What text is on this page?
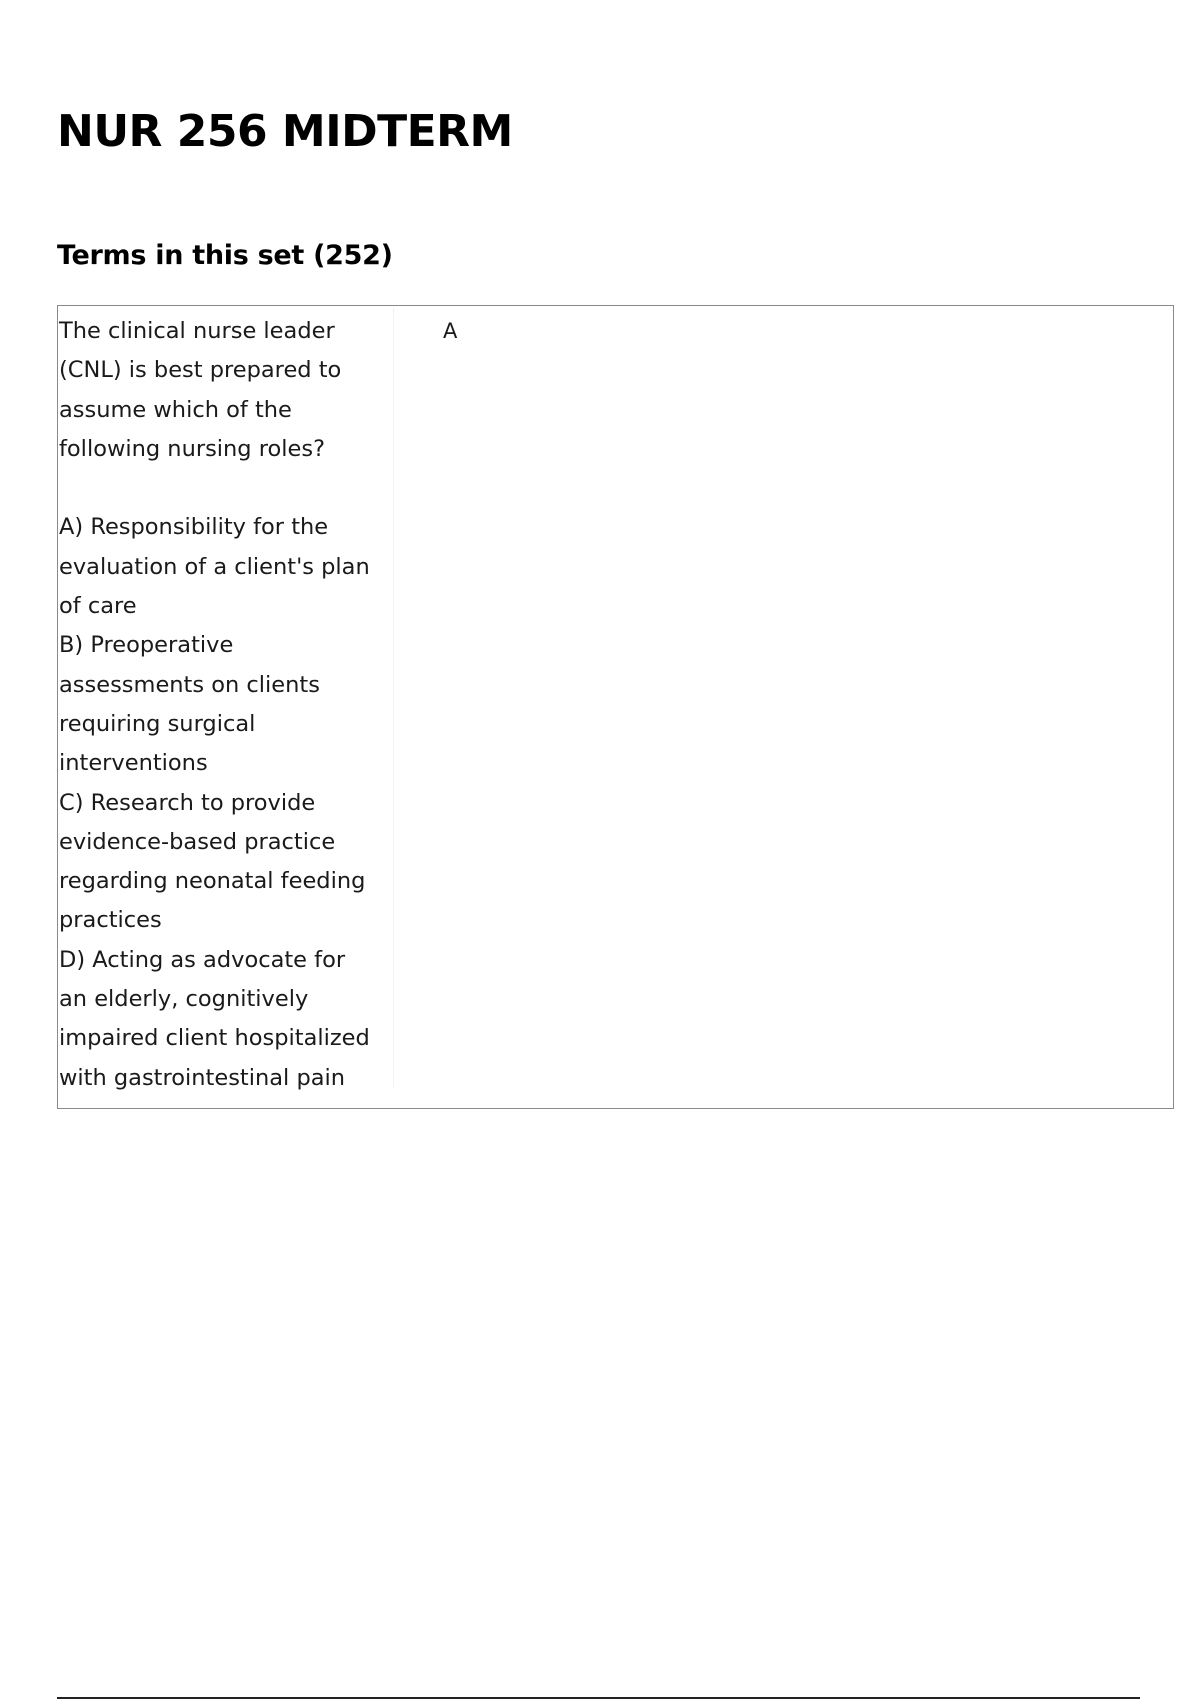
NUR 256 MIDTERM
Terms in this set (252)
The clinical nurse leader
(CNL) is best prepared to
assume which of the
following nursing roles?

A) Responsibility for the
evaluation of a client's plan
of care
B) Preoperative
assessments on clients
requiring surgical
interventions
C) Research to provide
evidence-based practice
regarding neonatal feeding
practices
D) Acting as advocate for
an elderly, cognitively
impaired client hospitalized
with gastrointestinal pain
A
